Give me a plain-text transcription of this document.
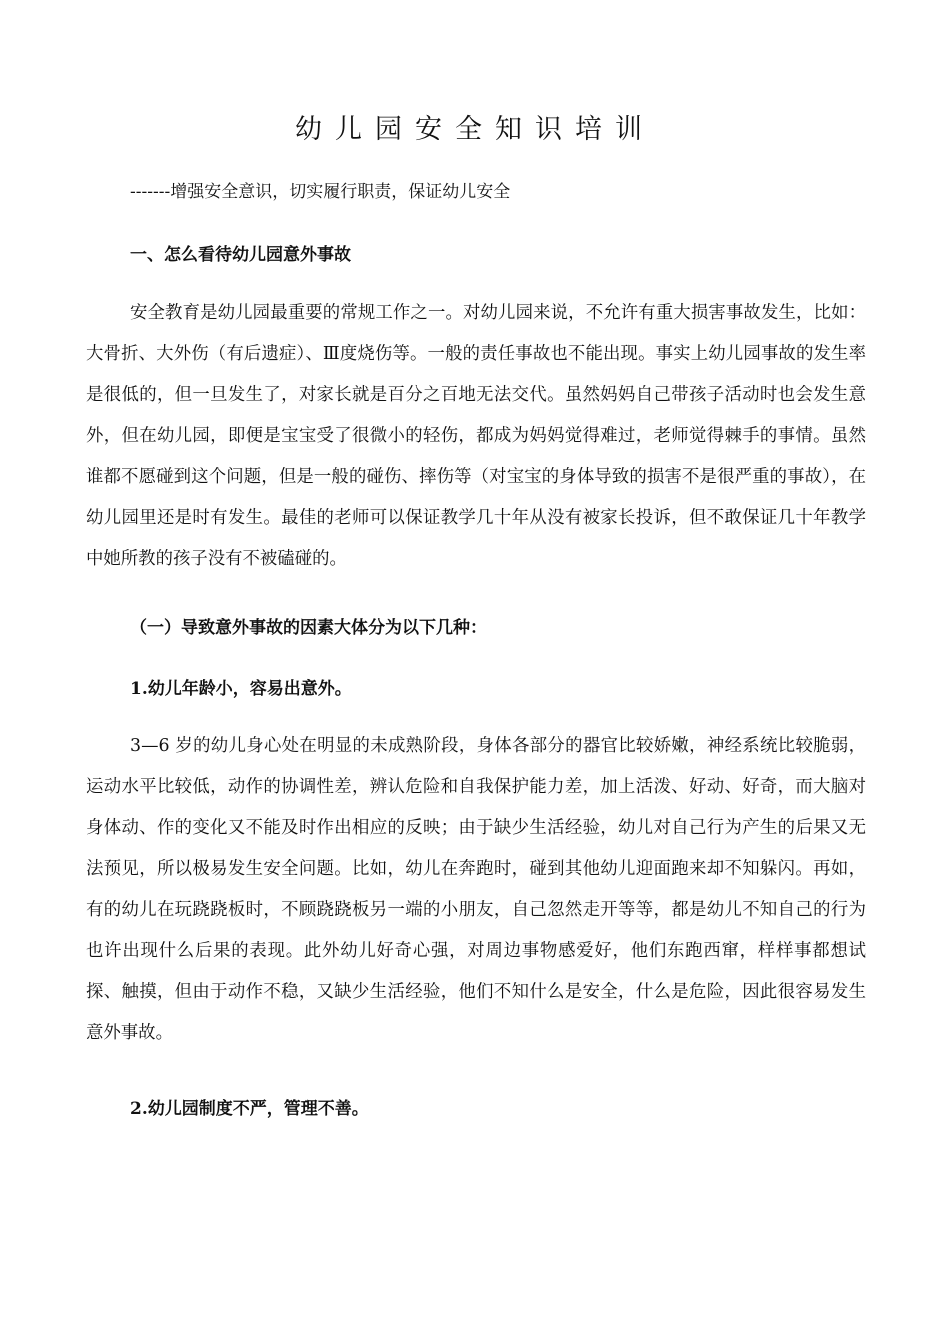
幼儿园安全知识培训
-------增强安全意识，切实履行职责，保证幼儿安全
一、怎么看待幼儿园意外事故

安全教育是幼儿园最重要的常规工作之一。对幼儿园来说，不允许有重大损害事故发生，比如：大骨折、大外伤（有后遗症）、Ⅲ度烧伤等。一般的责任事故也不能出现。事实上幼儿园事故的发生率是很低的，但一旦发生了，对家长就是百分之百地无法交代。虽然妈妈自己带孩子活动时也会发生意外，但在幼儿园，即便是宝宝受了很微小的轻伤，都成为妈妈觉得难过，老师觉得棘手的事情。虽然谁都不愿碰到这个问题，但是一般的碰伤、摔伤等（对宝宝的身体导致的损害不是很严重的事故），在幼儿园里还是时有发生。最佳的老师可以保证教学几十年从没有被家长投诉，但不敢保证几十年教学中她所教的孩子没有不被磕碰的。

（一）导致意外事故的因素大体分为以下几种：
1.幼儿年龄小，容易出意外。

3—6 岁的幼儿身心处在明显的未成熟阶段，身体各部分的器官比较娇嫩，神经系统比较脆弱，运动水平比较低，动作的协调性差，辨认危险和自我保护能力差，加上活泼、好动、好奇，而大脑对身体动、作的变化又不能及时作出相应的反映；由于缺少生活经验，幼儿对自己行为产生的后果又无法预见，所以极易发生安全问题。比如，幼儿在奔跑时，碰到其他幼儿迎面跑来却不知躲闪。再如，有的幼儿在玩跷跷板时，不顾跷跷板另一端的小朋友，自己忽然走开等等，都是幼儿不知自己的行为也许出现什么后果的表现。此外幼儿好奇心强，对周边事物感爱好，他们东跑西窜，样样事都想试探、触摸，但由于动作不稳，又缺少生活经验，他们不知什么是安全，什么是危险，因此很容易发生意外事故。

2.幼儿园制度不严，管理不善。
